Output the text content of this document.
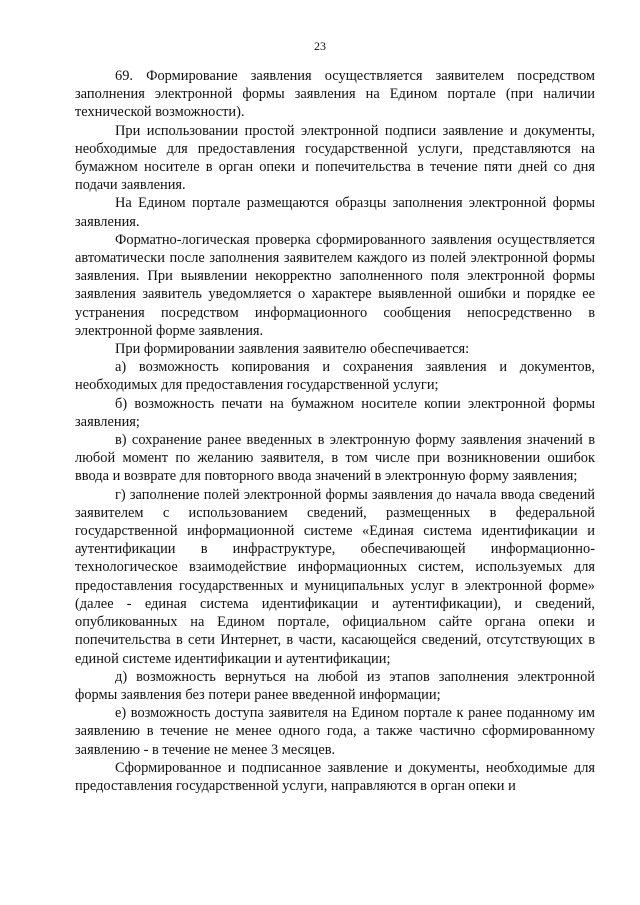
23

69. Формирование заявления осуществляется заявителем посредством заполнения электронной формы заявления на Едином портале (при наличии технической возможности).

При использовании простой электронной подписи заявление и документы, необходимые для предоставления государственной услуги, представляются на бумажном носителе в орган опеки и попечительства в течение пяти дней со дня подачи заявления.

На Едином портале размещаются образцы заполнения электронной формы заявления.

Форматно-логическая проверка сформированного заявления осуществляется автоматически после заполнения заявителем каждого из полей электронной формы заявления. При выявлении некорректно заполненного поля электронной формы заявления заявитель уведомляется о характере выявленной ошибки и порядке ее устранения посредством информационного сообщения непосредственно в электронной форме заявления.

При формировании заявления заявителю обеспечивается:

а) возможность копирования и сохранения заявления и документов, необходимых для предоставления государственной услуги;

б) возможность печати на бумажном носителе копии электронной формы заявления;

в) сохранение ранее введенных в электронную форму заявления значений в любой момент по желанию заявителя, в том числе при возникновении ошибок ввода и возврате для повторного ввода значений в электронную форму заявления;

г) заполнение полей электронной формы заявления до начала ввода сведений заявителем с использованием сведений, размещенных в федеральной государственной информационной системе «Единая система идентификации и аутентификации в инфраструктуре, обеспечивающей информационно-технологическое взаимодействие информационных систем, используемых для предоставления государственных и муниципальных услуг в электронной форме» (далее - единая система идентификации и аутентификации), и сведений, опубликованных на Едином портале, официальном сайте органа опеки и попечительства в сети Интернет, в части, касающейся сведений, отсутствующих в единой системе идентификации и аутентификации;

д) возможность вернуться на любой из этапов заполнения электронной формы заявления без потери ранее введенной информации;

е) возможность доступа заявителя на Едином портале к ранее поданному им заявлению в течение не менее одного года, а также частично сформированному заявлению - в течение не менее 3 месяцев.

Сформированное и подписанное заявление и документы, необходимые для предоставления государственной услуги, направляются в орган опеки и
